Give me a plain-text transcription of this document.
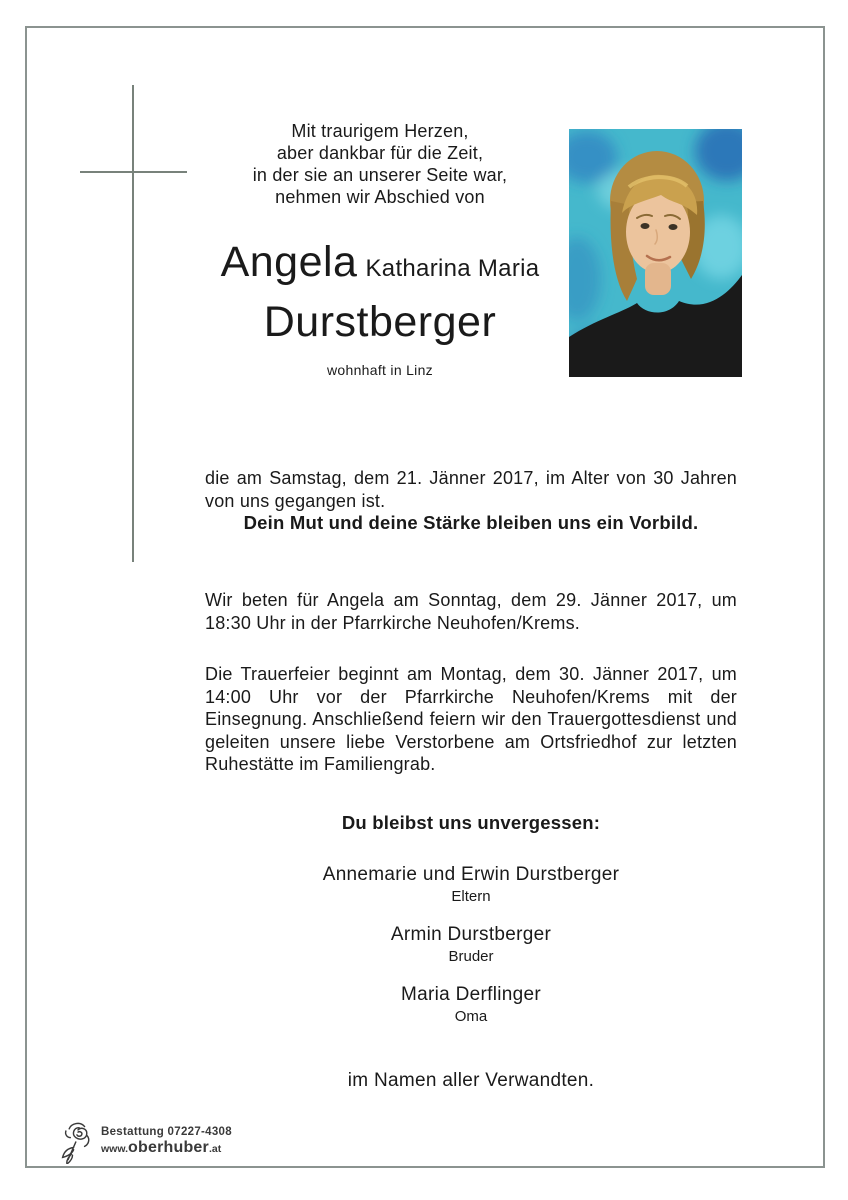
Mit traurigem Herzen,
aber dankbar für die Zeit,
in der sie an unserer Seite war,
nehmen wir Abschied von
Angela Katharina Maria
Durstberger
wohnhaft in Linz

die am Samstag, dem 21. Jänner 2017, im Alter von 30 Jahren von uns gegangen ist.

Dein Mut und deine Stärke bleiben uns ein Vorbild.

Wir beten für Angela am Sonntag, dem 29. Jänner 2017, um 18:30 Uhr in der Pfarrkirche Neuhofen/Krems.

Die Trauerfeier beginnt am Montag, dem 30. Jänner 2017, um 14:00 Uhr vor der Pfarrkirche Neuhofen/Krems mit der Einsegnung. Anschließend feiern wir den Trauergottesdienst und geleiten unsere liebe Verstorbene am Ortsfriedhof zur letzten Ruhestätte im Familiengrab.

Du bleibst uns unvergessen:
Annemarie und Erwin Durstberger
Eltern
Armin Durstberger
Bruder
Maria Derflinger
Oma
im Namen aller Verwandten.
Bestattung 07227-4308
www. oberhuber .at
